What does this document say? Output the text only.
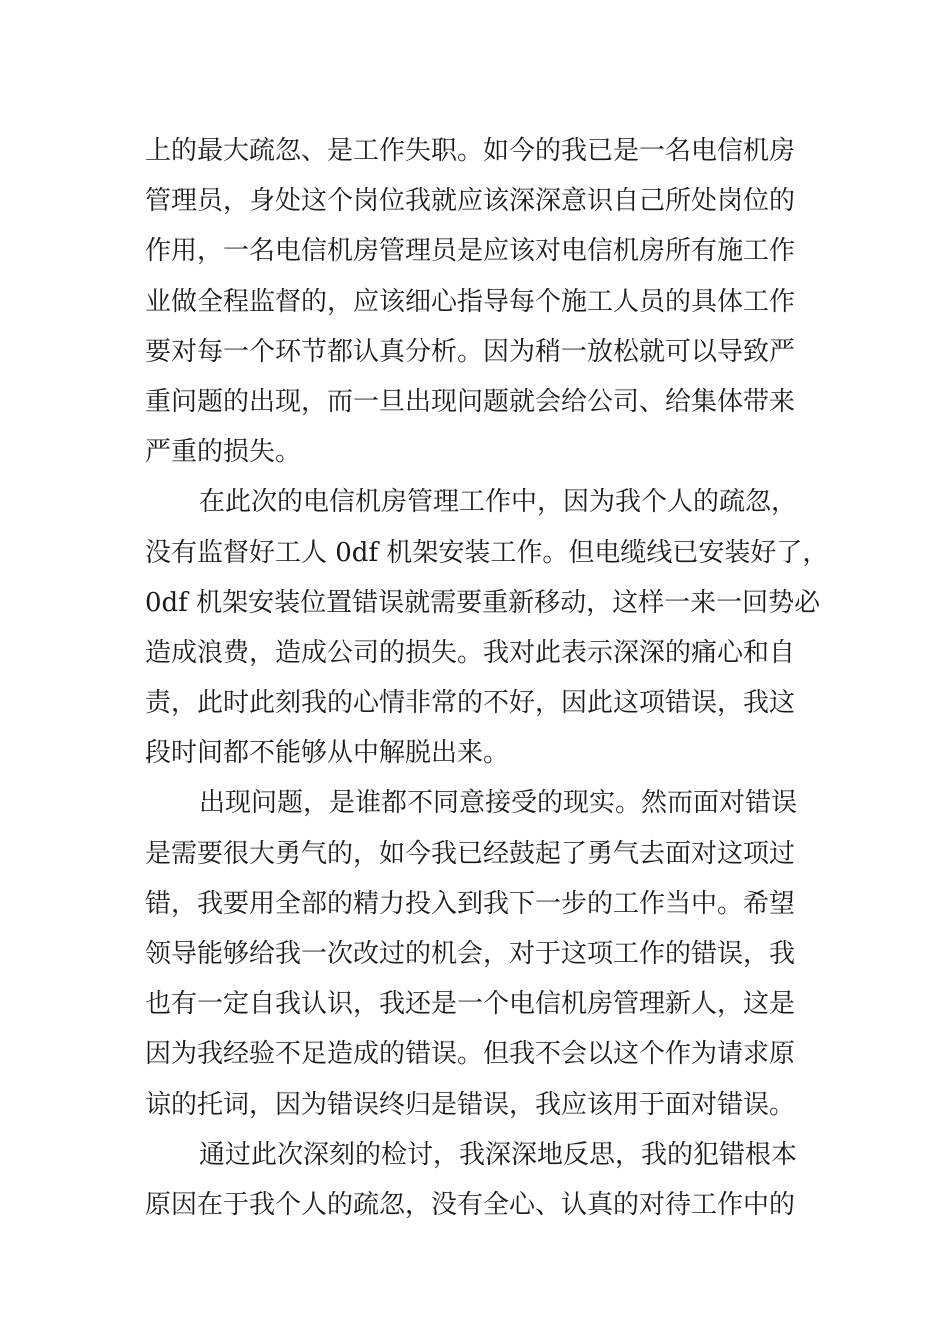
上的最大疏忽、是工作失职。如今的我已是一名电信机房
管理员，身处这个岗位我就应该深深意识自己所处岗位的
作用，一名电信机房管理员是应该对电信机房所有施工作
业做全程监督的，应该细心指导每个施工人员的具体工作
要对每一个环节都认真分析。因为稍一放松就可以导致严
重问题的出现，而一旦出现问题就会给公司、给集体带来
严重的损失。
在此次的电信机房管理工作中，因为我个人的疏忽，
没有监督好工人 0df 机架安装工作。但电缆线已安装好了，
0df 机架安装位置错误就需要重新移动，这样一来一回势必
造成浪费，造成公司的损失。我对此表示深深的痛心和自
责，此时此刻我的心情非常的不好，因此这项错误，我这
段时间都不能够从中解脱出来。
出现问题，是谁都不同意接受的现实。然而面对错误
是需要很大勇气的，如今我已经鼓起了勇气去面对这项过
错，我要用全部的精力投入到我下一步的工作当中。希望
领导能够给我一次改过的机会，对于这项工作的错误，我
也有一定自我认识，我还是一个电信机房管理新人，这是
因为我经验不足造成的错误。但我不会以这个作为请求原
谅的托词，因为错误终归是错误，我应该用于面对错误。
通过此次深刻的检讨，我深深地反思，我的犯错根本
原因在于我个人的疏忽，没有全心、认真的对待工作中的
